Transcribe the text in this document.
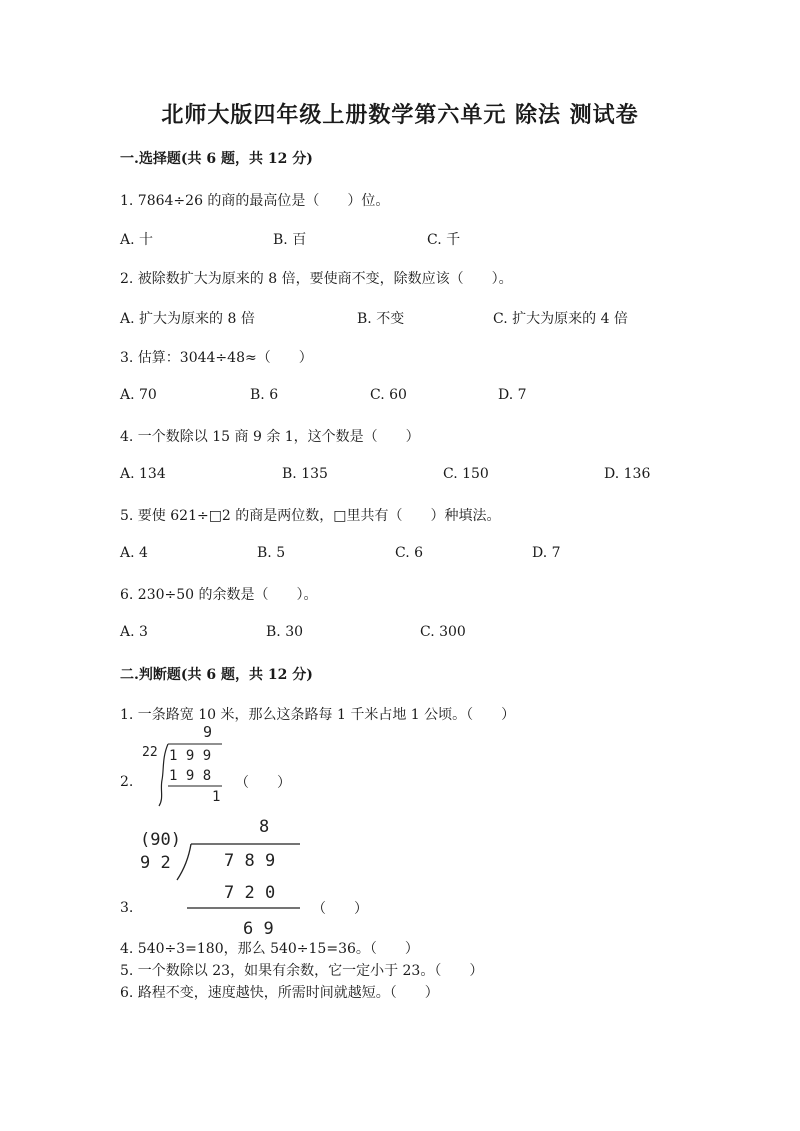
北师大版四年级上册数学第六单元 除法 测试卷
一.选择题(共 6 题，共 12 分)
1. 7864÷26 的商的最高位是（　　）位。
A. 十	B. 百	C. 千
2. 被除数扩大为原来的 8 倍，要使商不变，除数应该（　　）。
A. 扩大为原来的 8 倍	B. 不变	C. 扩大为原来的 4 倍
3. 估算：3044÷48≈（　　）
A. 70	B. 6	C. 60	D. 7
4. 一个数除以 15 商 9 余 1，这个数是（　　）
A. 134	B. 135	C. 150	D. 136
5. 要使 621÷□2 的商是两位数，□里共有（　　）种填法。
A. 4	B. 5	C. 6	D. 7
6. 230÷50 的余数是（　　）。
A. 3	B. 30	C. 300
二.判断题(共 6 题，共 12 分)
1. 一条路宽 10 米，那么这条路每 1 千米占地 1 公顷。（　　）
9
22 1 9 9
1 9 8
1
2.	（　　）
(90)
8
9 2	7 8 9
7 2 0
6 9
3.	（　　）
4. 540÷3=180，那么 540÷15=36。（　　）
5. 一个数除以 23，如果有余数，它一定小于 23。（　　）
6. 路程不变，速度越快，所需时间就越短。（　　）
